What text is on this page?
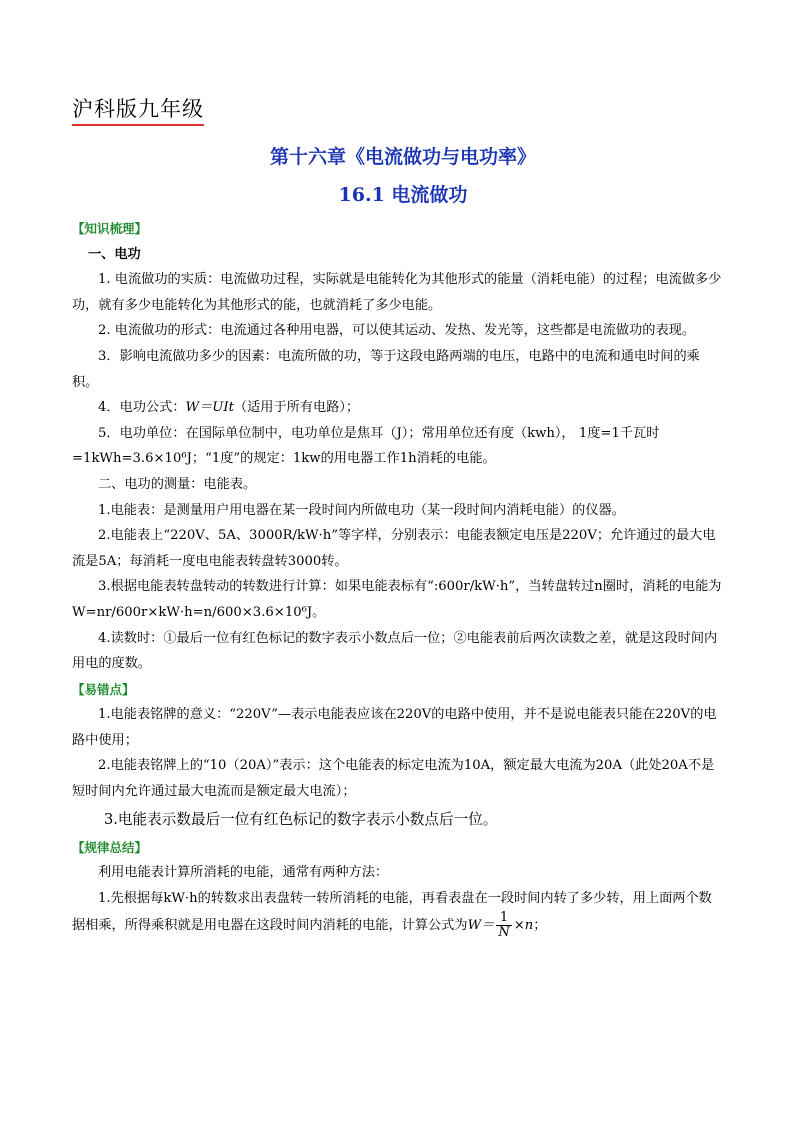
沪科版九年级
第十六章《电流做功与电功率》
16.1 电流做功

【知识梳理】

一、电功

1. 电流做功的实质：电流做功过程，实际就是电能转化为其他形式的能量（消耗电能）的过程；电流做多少功，就有多少电能转化为其他形式的能，也就消耗了多少电能。

2. 电流做功的形式：电流通过各种用电器，可以使其运动、发热、发光等，这些都是电流做功的表现。

3．影响电流做功多少的因素：电流所做的功，等于这段电路两端的电压，电路中的电流和通电时间的乘积。

4．电功公式：W＝UIt（适用于所有电路）；

5．电功单位：在国际单位制中，电功单位是焦耳（J）；常用单位还有度（kwh）， 1度=1千瓦时=1kWh=3.6×10⁶J；“1度”的规定：1kw的用电器工作1h消耗的电能。

二、电功的测量：电能表。

1.电能表：是测量用户用电器在某一段时间内所做电功（某一段时间内消耗电能）的仪器。

2.电能表上“220V、5A、3000R/kW·h”等字样，分别表示：电能表额定电压是220V；允许通过的最大电流是5A；每消耗一度电电能表转盘转3000转。

3.根据电能表转盘转动的转数进行计算：如果电能表标有“:600r/kW·h”，当转盘转过n圈时，消耗的电能为W=nr/600r×kW·h=n/600×3.6×10⁶J。

4.读数时：①最后一位有红色标记的数字表示小数点后一位；②电能表前后两次读数之差，就是这段时间内用电的度数。

【易错点】

1.电能表铭牌的意义：“220V”—表示电能表应该在220V的电路中使用，并不是说电能表只能在220V的电路中使用；

2.电能表铭牌上的“10（20A）”表示：这个电能表的标定电流为10A，额定最大电流为20A（此处20A不是短时间内允许通过最大电流而是额定最大电流）；

3.电能表示数最后一位有红色标记的数字表示小数点后一位。

【规律总结】

利用电能表计算所消耗的电能，通常有两种方法：

1.先根据每kW·h的转数求出表盘转一转所消耗的电能，再看表盘在一段时间内转了多少转，用上面两个数据相乘，所得乘积就是用电器在这段时间内消耗的电能，计算公式为$W= \frac{1}{N} \times n$；
